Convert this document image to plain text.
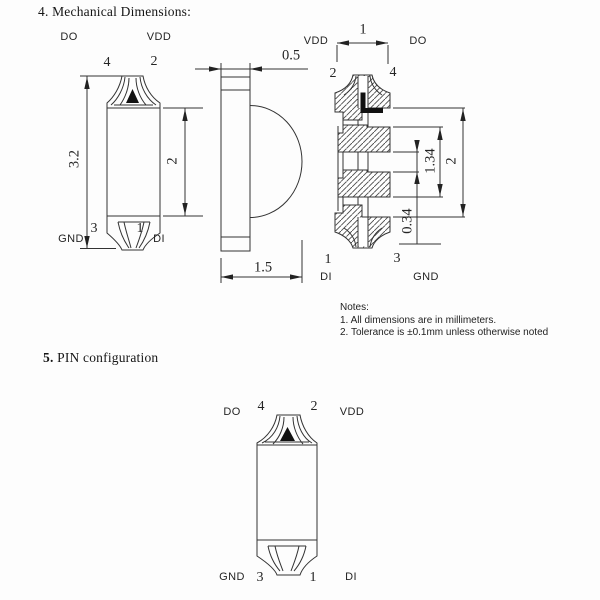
4. Mechanical Dimensions:
Notes:
1. All dimensions are in millimeters.
2. Tolerance is ±0.1mm unless otherwise noted
5. PIN configuration
DO	VDD
4	2
3	1
GND	DI
3.2	2
0.5
1.5
VDD
1
DO
2	4
1	3
DI	GND
0.34
1.34 2
DO 4	2 VDD
GND 3	1	DI
